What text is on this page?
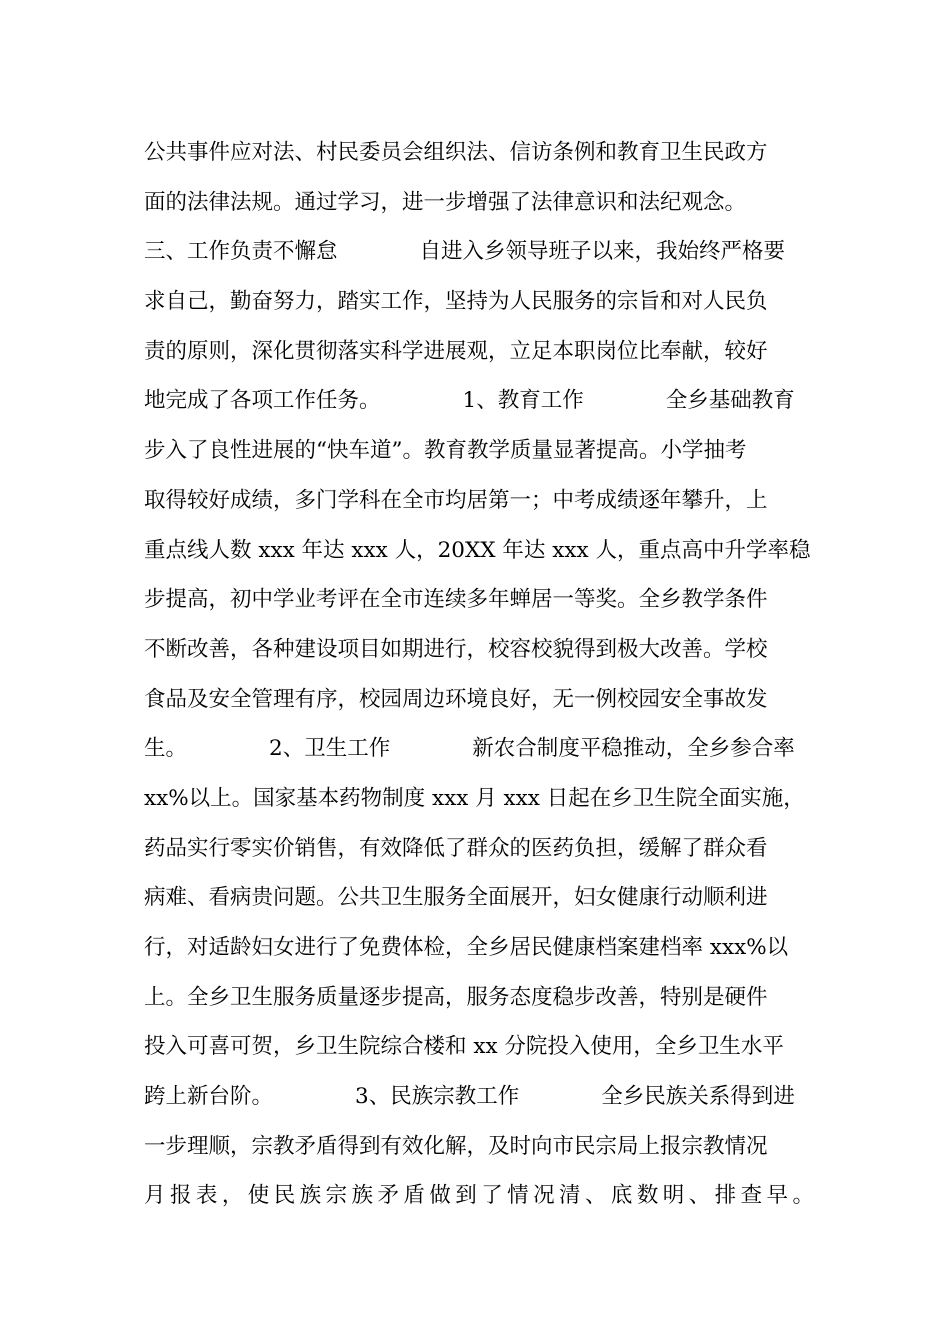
公共事件应对法、村民委员会组织法、信访条例和教育卫生民政方
面的法律法规。通过学习，进一步增强了法律意识和法纪观念。
三、工作负责不懈怠            自进入乡领导班子以来，我始终严格要
求自己，勤奋努力，踏实工作，坚持为人民服务的宗旨和对人民负
责的原则，深化贯彻落实科学进展观，立足本职岗位比奉献，较好
地完成了各项工作任务。            1、教育工作            全乡基础教育
步入了良性进展的“快车道”。教育教学质量显著提高。小学抽考
取得较好成绩，多门学科在全市均居第一；中考成绩逐年攀升，上
重点线人数 xxx 年达 xxx 人，20XX 年达 xxx 人，重点高中升学率稳
步提高，初中学业考评在全市连续多年蝉居一等奖。全乡教学条件
不断改善，各种建设项目如期进行，校容校貌得到极大改善。学校
食品及安全管理有序，校园周边环境良好，无一例校园安全事故发
生。            2、卫生工作            新农合制度平稳推动，全乡参合率
xx%以上。国家基本药物制度 xxx 月 xxx 日起在乡卫生院全面实施，
药品实行零实价销售，有效降低了群众的医药负担，缓解了群众看
病难、看病贵问题。公共卫生服务全面展开，妇女健康行动顺利进
行，对适龄妇女进行了免费体检，全乡居民健康档案建档率 xxx%以
上。全乡卫生服务质量逐步提高，服务态度稳步改善，特别是硬件
投入可喜可贺，乡卫生院综合楼和 xx 分院投入使用，全乡卫生水平
跨上新台阶。            3、民族宗教工作            全乡民族关系得到进
一步理顺，宗教矛盾得到有效化解，及时向市民宗局上报宗教情况
月报表，使民族宗族矛盾做到了情况清、底数明、排查早。
